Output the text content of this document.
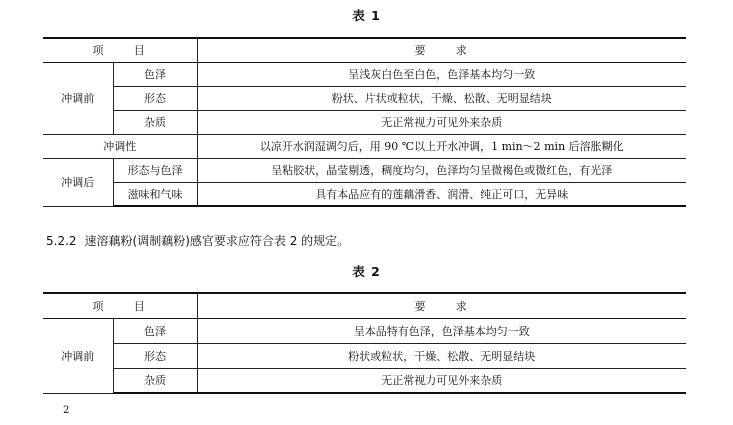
表 1
项 目		要 求
冲调前	色泽	呈浅灰白色至白色，色泽基本均匀一致
	形态	粉状、片状或粒状，干燥、松散、无明显结块
	杂质	无正常视力可见外来杂质
冲调性		以凉开水润湿调匀后，用 90 ℃以上开水冲调，1 min～2 min 后溶胀糊化
冲调后	形态与色泽	呈粘胶状，晶莹剔透，稠度均匀，色泽均匀呈微褐色或微红色，有光泽
	滋味和气味	具有本品应有的莲藕滑香、润滑、纯正可口，无异味
5.2.2 速溶藕粉(调制藕粉)感官要求应符合表 2 的规定。
表 2
项 目		要 求
冲调前	色泽	呈本品特有色泽，色泽基本均匀一致
	形态	粉状或粒状，干燥、松散、无明显结块
	杂质	无正常视力可见外来杂质
2
